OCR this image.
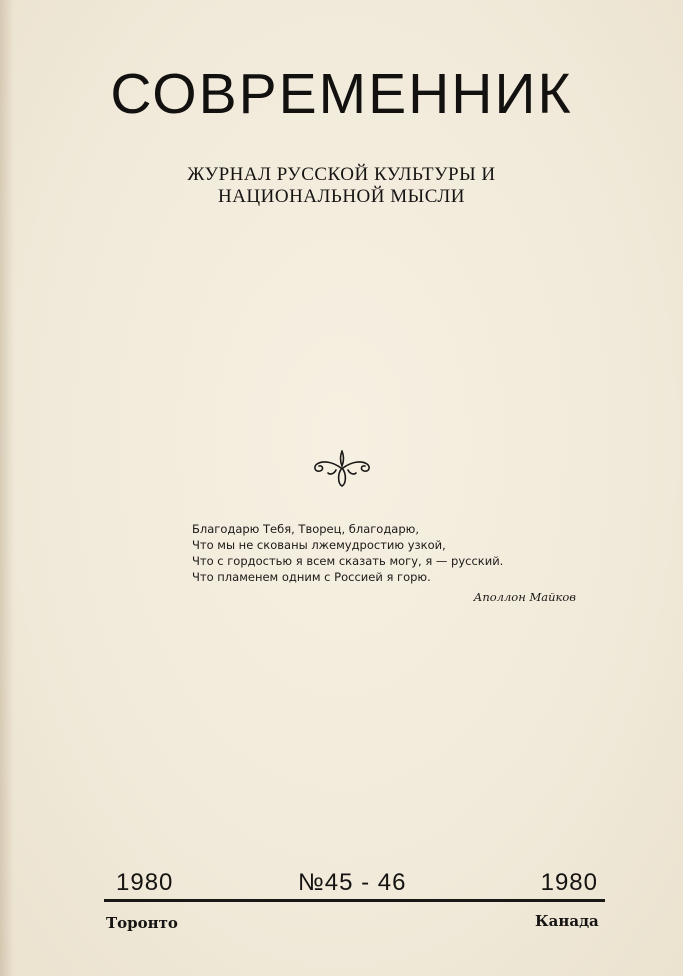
СОВРЕМЕННИК
ЖУРНАЛ РУССКОЙ КУЛЬТУРЫ И
НАЦИОНАЛЬНОЙ МЫСЛИ
Благодарю Тебя, Творец, благодарю,
Что мы не скованы лжемудростию узкой,
Что с гордостью я всем сказать могу, я — русский.
Что пламенем одним с Россией я горю.
Аполлон Майков
1980	№45 - 46	1980
Торонто	Канада
